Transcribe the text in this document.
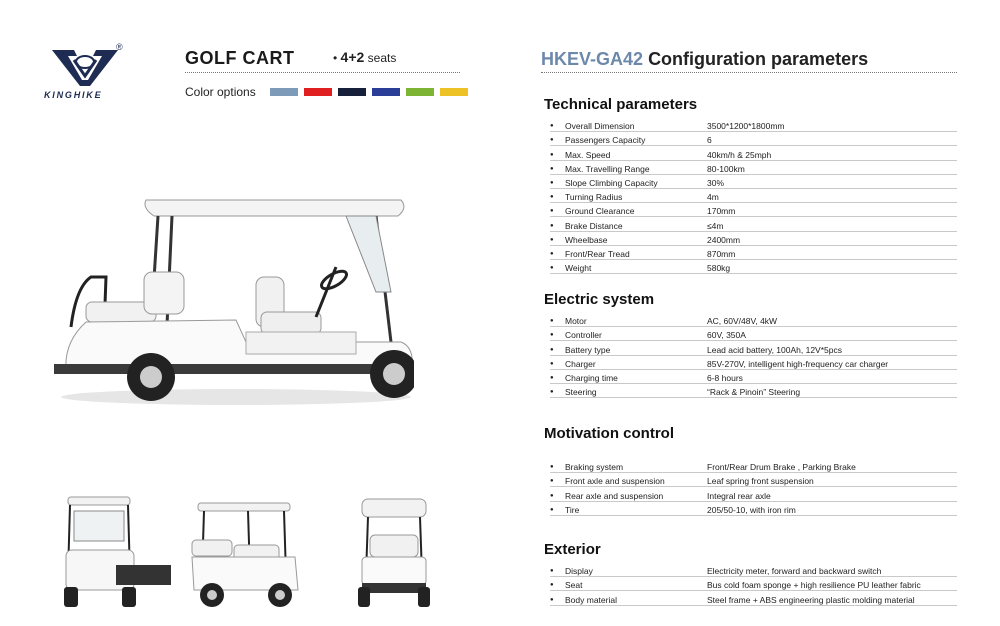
®
KINGHIKE
GOLF CART	• 4+2 seats
Color options
HKEV-GA42 Configuration parameters
Technical parameters
●	Overall Dimension	3500*1200*1800mm
●	Passengers Capacity	6
●	Max. Speed	40km/h & 25mph
●	Max. Travelling Range	80-100km
●	Slope Climbing Capacity	30%
●	Turning Radius	4m
●	Ground Clearance	170mm
●	Brake Distance	≤4m
●	Wheelbase	2400mm
●	Front/Rear Tread	870mm
●	Weight	580kg
Electric system
●	Motor	AC, 60V/48V, 4kW
●	Controller	60V, 350A
●	Battery type	Lead acid battery, 100Ah, 12V*5pcs
●	Charger	85V-270V, intelligent high-frequency car charger
●	Charging time	6-8 hours
●	Steering	“Rack & Pinoin” Steering
Motivation control
●	Braking system	Front/Rear Drum Brake , Parking Brake
●	Front axle and suspension	Leaf spring front suspension
●	Rear axle and suspension	Integral rear axle
●	Tire	205/50-10, with iron rim
Exterior
●	Display	Electricity meter, forward and backward switch
●	Seat	Bus cold foam sponge + high resilience PU leather fabric
●	Body material	Steel frame + ABS engineering plastic molding material
